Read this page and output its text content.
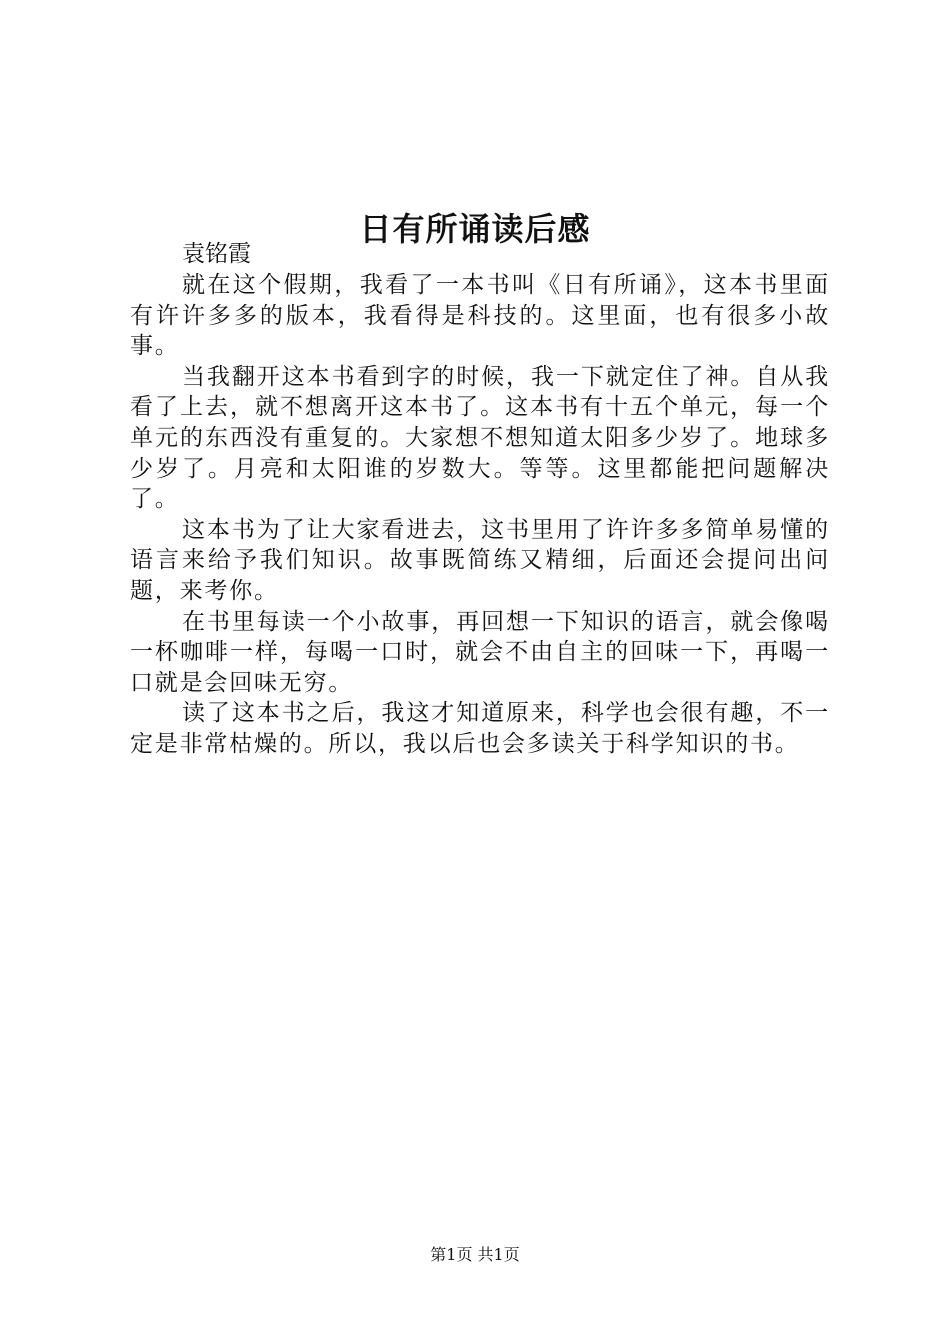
日有所诵读后感

袁铭霞

就在这个假期，我看了一本书叫《日有所诵》，这本书里面有许许多多的版本，我看得是科技的。这里面，也有很多小故事。

当我翻开这本书看到字的时候，我一下就定住了神。自从我看了上去，就不想离开这本书了。这本书有十五个单元，每一个单元的东西没有重复的。大家想不想知道太阳多少岁了。地球多少岁了。月亮和太阳谁的岁数大。等等。这里都能把问题解决了。

这本书为了让大家看进去，这书里用了许许多多简单易懂的语言来给予我们知识。故事既简练又精细，后面还会提问出问题，来考你。

在书里每读一个小故事，再回想一下知识的语言，就会像喝一杯咖啡一样，每喝一口时，就会不由自主的回味一下，再喝一口就是会回味无穷。

读了这本书之后，我这才知道原来，科学也会很有趣，不一定是非常枯燥的。所以，我以后也会多读关于科学知识的书。

第1页 共1页
